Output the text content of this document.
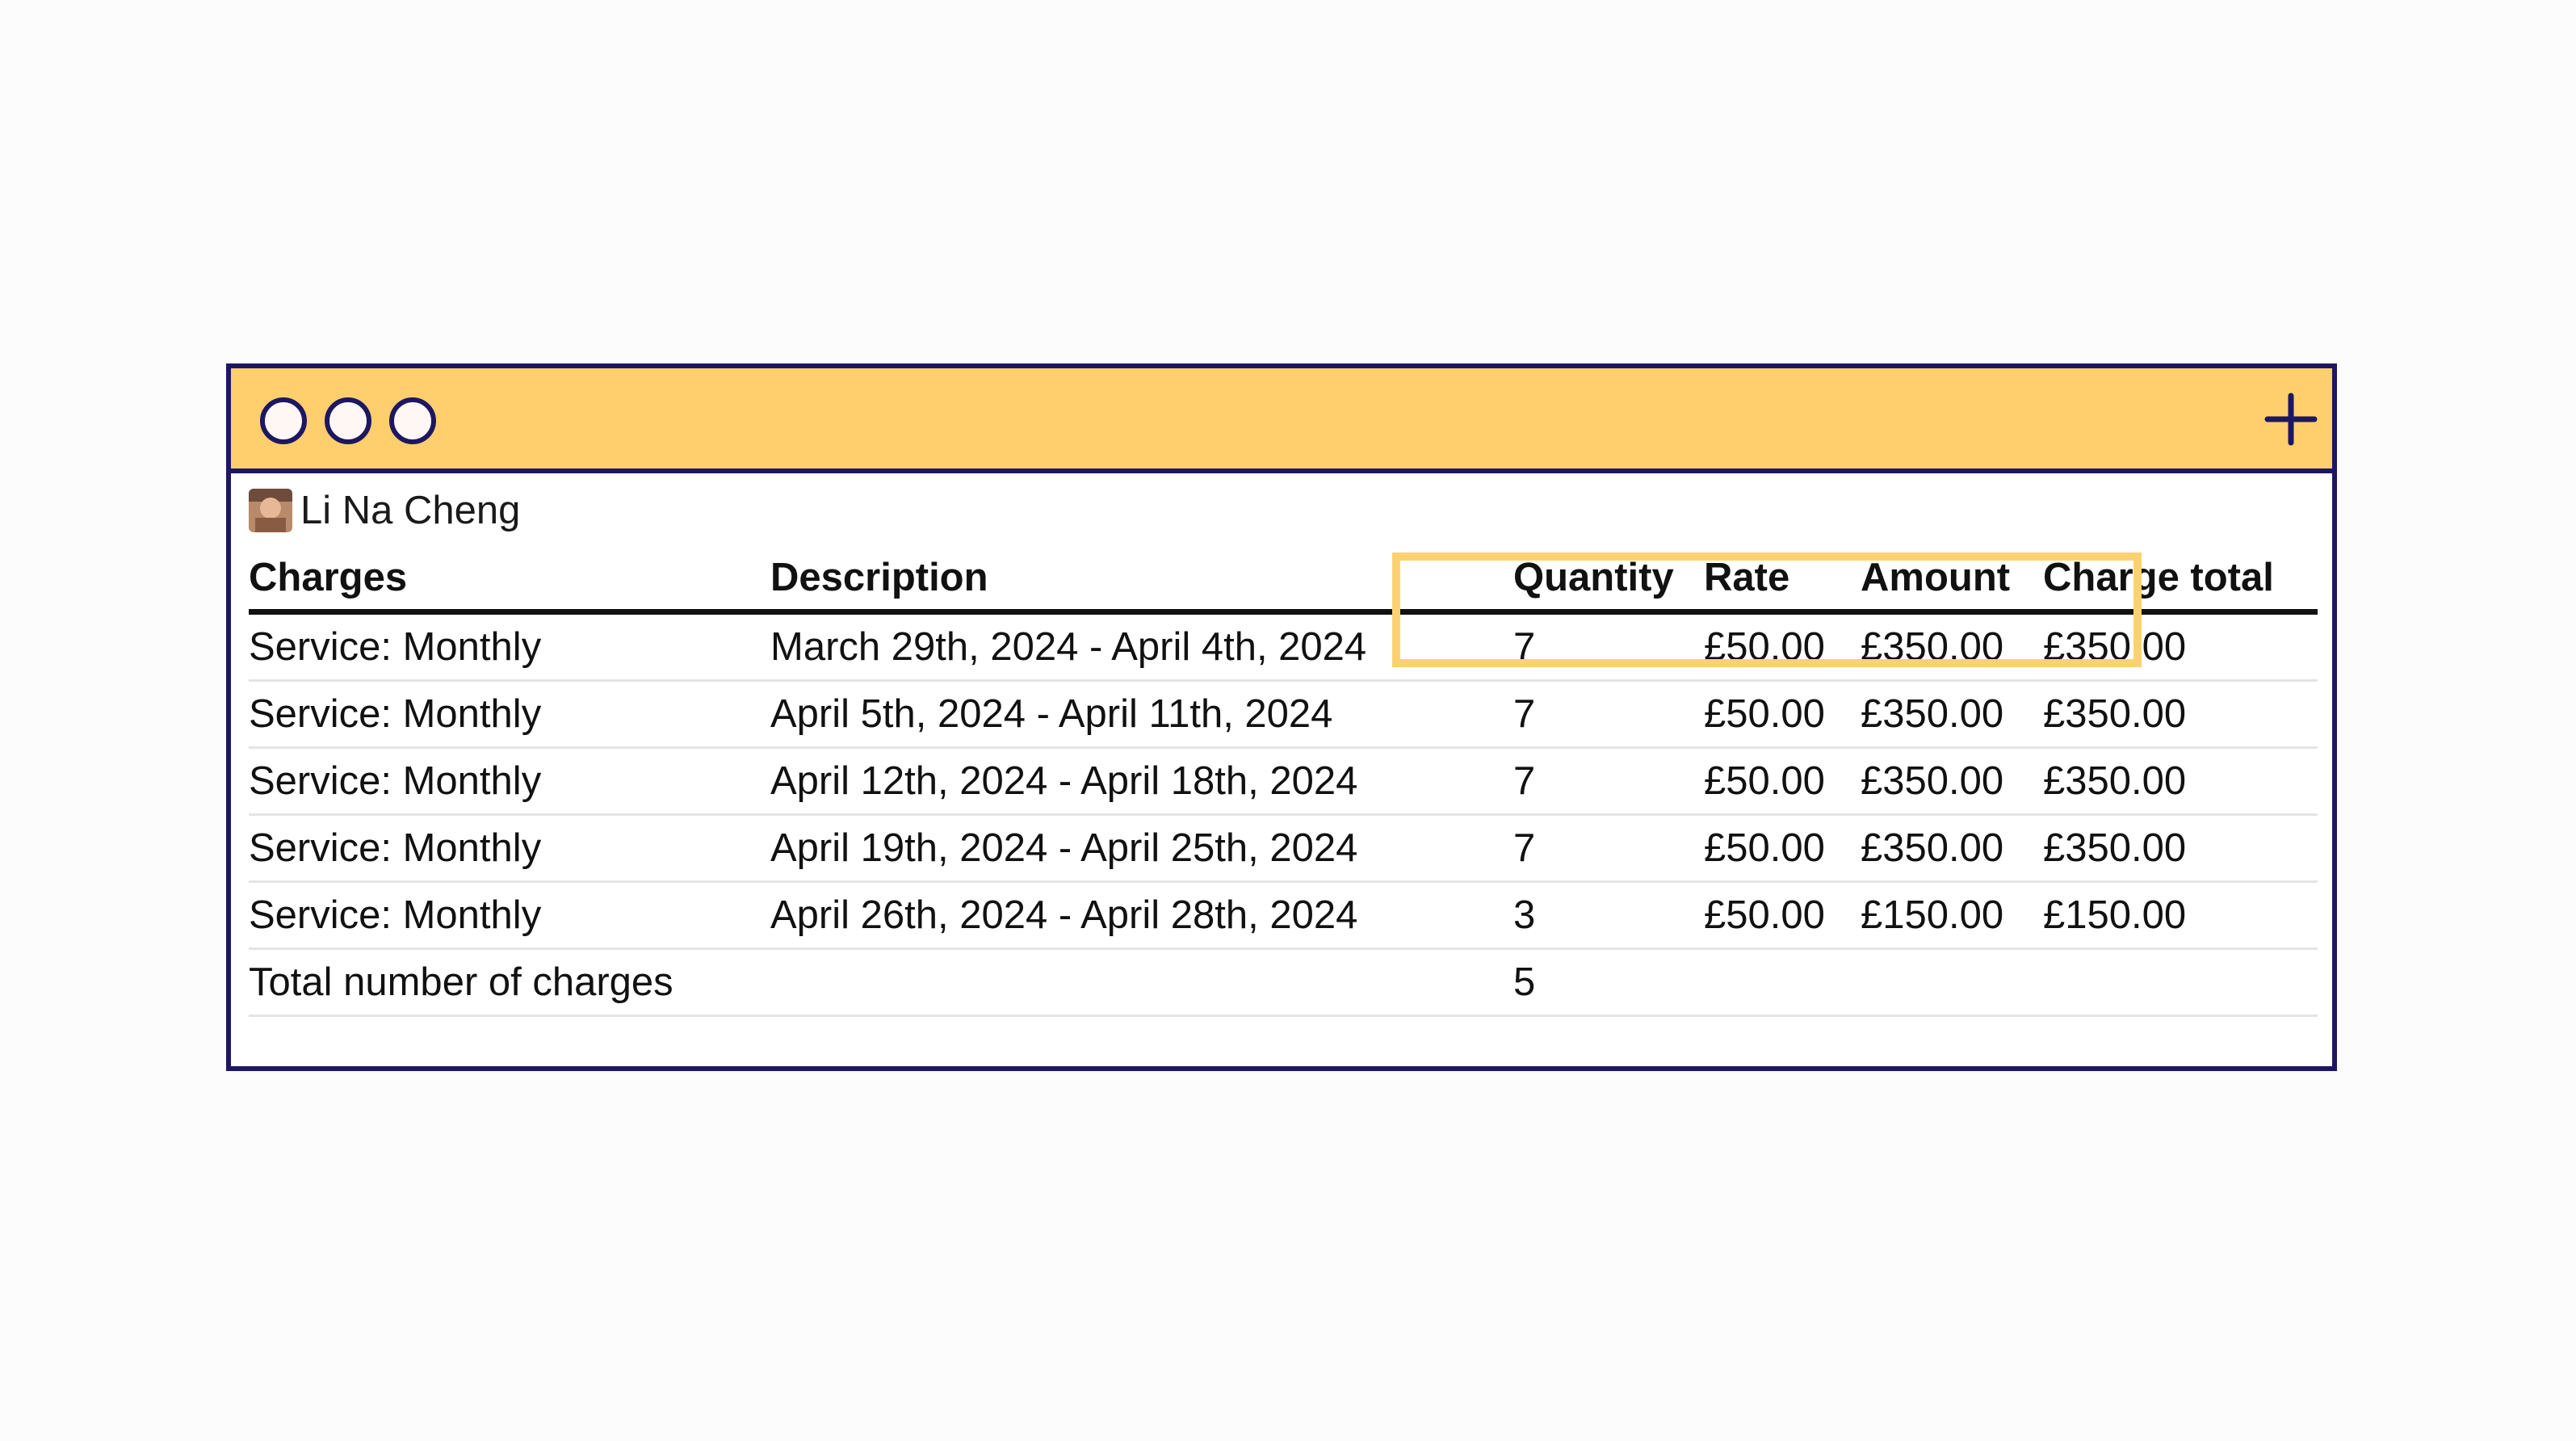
Li Na Cheng
Charges	Description	Quantity	Rate	Amount	Charge total
Service: Monthly	March 29th, 2024 - April 4th, 2024	7	£50.00	£350.00	£350.00
Service: Monthly	April 5th, 2024 - April 11th, 2024	7	£50.00	£350.00	£350.00
Service: Monthly	April 12th, 2024 - April 18th, 2024	7	£50.00	£350.00	£350.00
Service: Monthly	April 19th, 2024 - April 25th, 2024	7	£50.00	£350.00	£350.00
Service: Monthly	April 26th, 2024 - April 28th, 2024	3	£50.00	£150.00	£150.00
Total number of charges		5			
